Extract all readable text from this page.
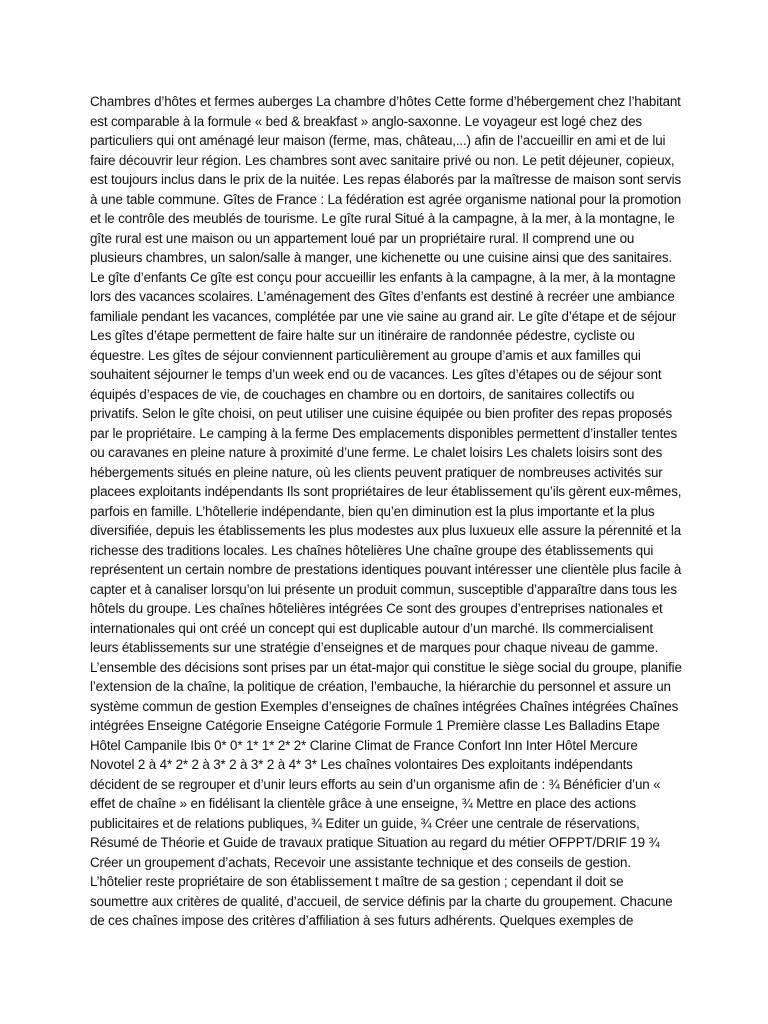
Chambres d’hôtes et fermes auberges La chambre d’hôtes Cette forme d’hébergement chez l’habitant est comparable à la formule « bed & breakfast » anglo-saxonne. Le voyageur est logé chez des particuliers qui ont aménagé leur maison (ferme, mas, château,...) afin de l’accueillir en ami et de lui faire découvrir leur région. Les chambres sont avec sanitaire privé ou non. Le petit déjeuner, copieux, est toujours inclus dans le prix de la nuitée. Les repas élaborés par la maîtresse de maison sont servis à une table commune. Gîtes de France : La fédération est agrée organisme national pour la promotion et le contrôle des meublés de tourisme. Le gîte rural Situé à la campagne, à la mer, à la montagne, le gîte rural est une maison ou un appartement loué par un propriétaire rural. Il comprend une ou plusieurs chambres, un salon/salle à manger, une kichenette ou une cuisine ainsi que des sanitaires. Le gîte d’enfants Ce gîte est conçu pour accueillir les enfants à la campagne, à la mer, à la montagne lors des vacances scolaires. L’aménagement des Gîtes d’enfants est destiné à recréer une ambiance familiale pendant les vacances, complétée par une vie saine au grand air. Le gîte d’étape et de séjour Les gîtes d’étape permettent de faire halte sur un itinéraire de randonnée pédestre, cycliste ou équestre. Les gîtes de séjour conviennent particulièrement au groupe d’amis et aux familles qui souhaitent séjourner le temps d’un week end ou de vacances. Les gîtes d’étapes ou de séjour sont équipés d’espaces de vie, de couchages en chambre ou en dortoirs, de sanitaires collectifs ou privatifs. Selon le gîte choisi, on peut utiliser une cuisine équipée ou bien profiter des repas proposés par le propriétaire. Le camping à la ferme Des emplacements disponibles permettent d’installer tentes ou caravanes en pleine nature à proximité d’une ferme. Le chalet loisirs Les chalets loisirs sont des hébergements situés en pleine nature, où les clients peuvent pratiquer de nombreuses activités sur placees exploitants indépendants Ils sont propriétaires de leur établissement qu’ils gèrent eux-mêmes, parfois en famille. L’hôtellerie indépendante, bien qu’en diminution est la plus importante et la plus diversifiée, depuis les établissements les plus modestes aux plus luxueux elle assure la pérennité et la richesse des traditions locales. Les chaînes hôtelières Une chaîne groupe des établissements qui représentent un certain nombre de prestations identiques pouvant intéresser une clientèle plus facile à capter et à canaliser lorsqu’on lui présente un produit commun, susceptible d’apparaître dans tous les hôtels du groupe. Les chaînes hôtelières intégrées Ce sont des groupes d’entreprises nationales et internationales qui ont créé un concept qui est duplicable autour d’un marché. Ils commercialisent leurs établissements sur une stratégie d’enseignes et de marques pour chaque niveau de gamme. L’ensemble des décisions sont prises par un état-major qui constitue le siège social du groupe, planifie l’extension de la chaîne, la politique de création, l’embauche, la hiérarchie du personnel et assure un système commun de gestion Exemples d’enseignes de chaînes intégrées Chaînes intégrées Chaînes intégrées Enseigne Catégorie Enseigne Catégorie Formule 1 Première classe Les Balladins Etape Hôtel Campanile Ibis 0* 0* 1* 1* 2* 2* Clarine Climat de France Confort Inn Inter Hôtel Mercure Novotel 2 à 4* 2* 2 à 3* 2 à 3* 2 à 4* 3* Les chaînes volontaires Des exploitants indépendants décident de se regrouper et d’unir leurs efforts au sein d’un organisme afin de : ¾ Bénéficier d’un « effet de chaîne » en fidélisant la clientèle grâce à une enseigne, ¾ Mettre en place des actions publicitaires et de relations publiques, ¾ Editer un guide, ¾ Créer une centrale de réservations, Résumé de Théorie et Guide de travaux pratique Situation au regard du métier OFPPT/DRIF 19 ¾ Créer un groupement d’achats, Recevoir une assistante technique et des conseils de gestion. L’hôtelier reste propriétaire de son établissement t maître de sa gestion ; cependant il doit se soumettre aux critères de qualité, d’accueil, de service définis par la charte du groupement. Chacune de ces chaînes impose des critères d’affiliation à ses futurs adhérents. Quelques exemples de
